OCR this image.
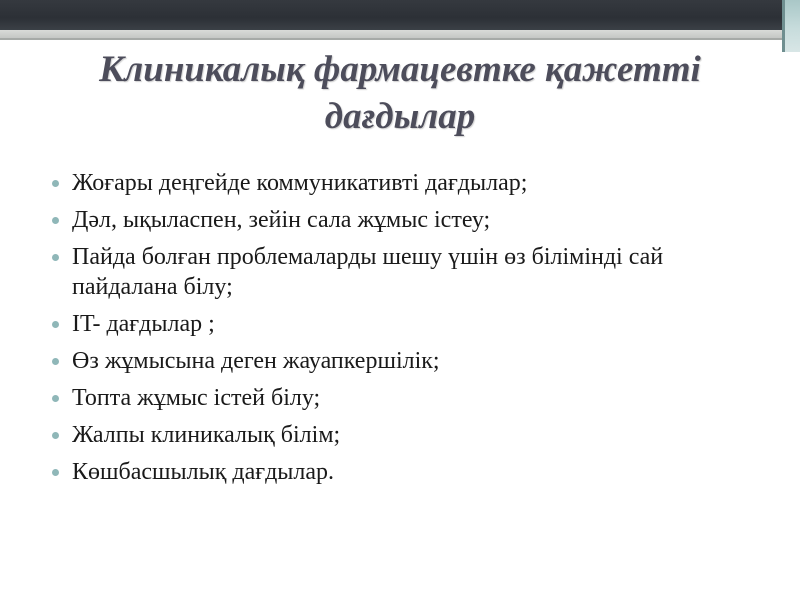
Клиникалық фармацевтке қажетті дағдылар
Жоғары деңгейде коммуникативті дағдылар;
Дәл, ықыласпен, зейін сала жұмыс істеу;
Пайда болған проблемаларды шешу үшін өз білімінді сай пайдалана білу;
IT- дағдылар ;
Өз жұмысына деген жауапкершілік;
Топта жұмыс істей білу;
Жалпы клиникалық білім;
Көшбасшылық дағдылар.
